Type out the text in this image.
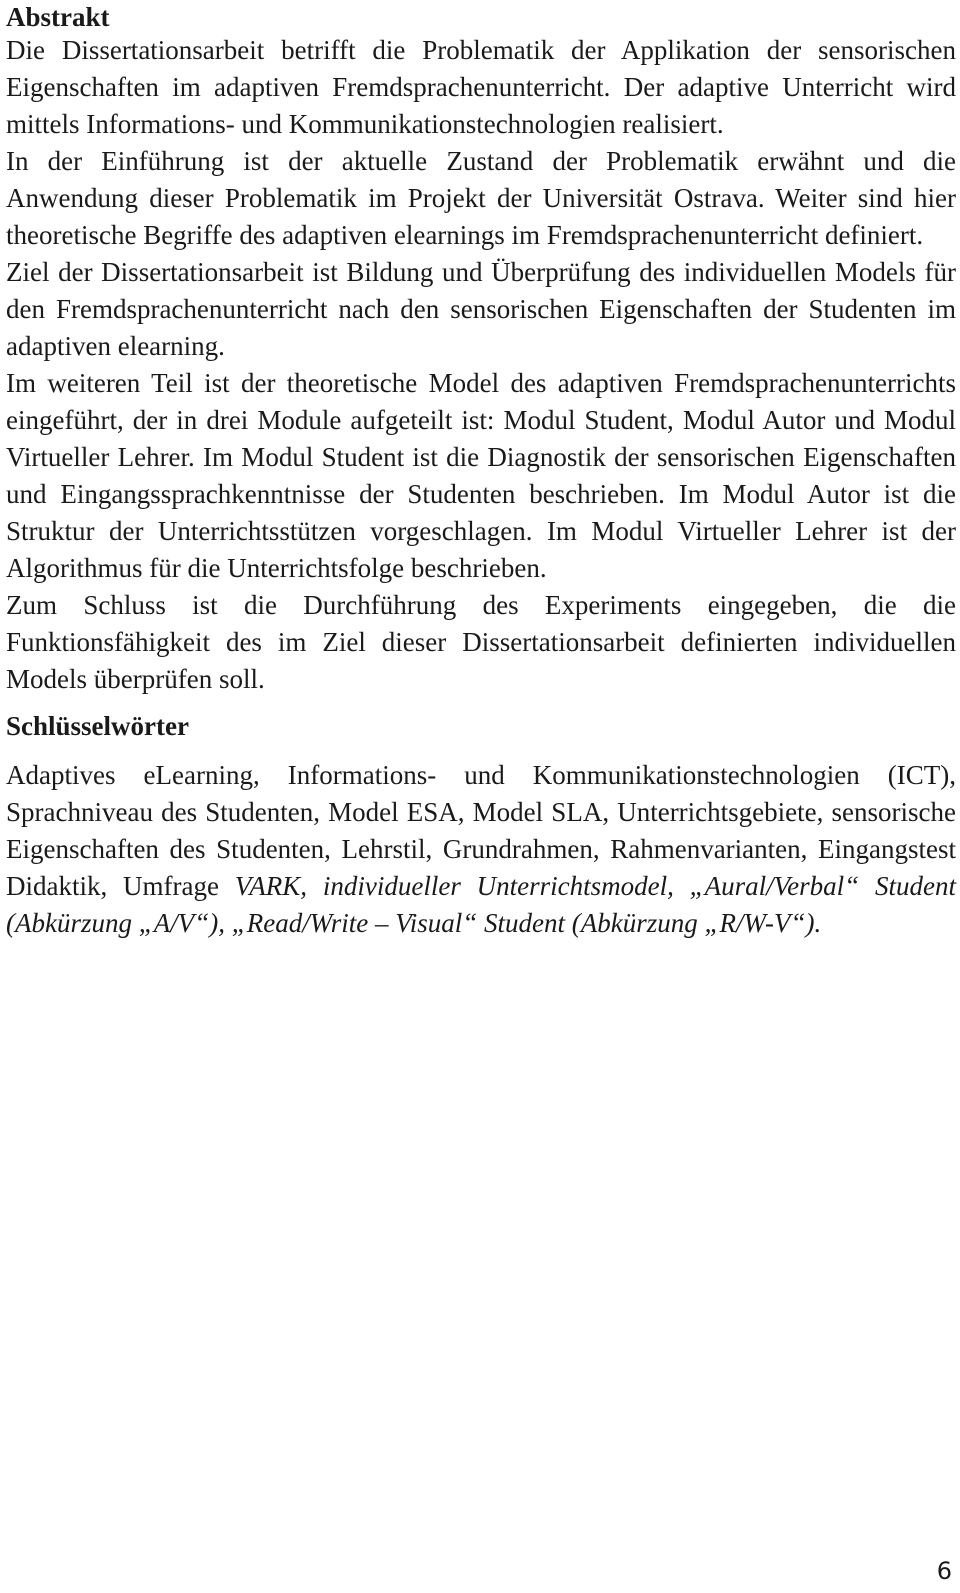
Abstrakt

Die Dissertationsarbeit betrifft die Problematik der Applikation der sensorischen Eigenschaften im adaptiven Fremdsprachenunterricht. Der adaptive Unterricht wird mittels Informations- und Kommunikationstechnologien realisiert.

In der Einführung ist der aktuelle Zustand der Problematik erwähnt und die Anwendung dieser Problematik im Projekt der Universität Ostrava. Weiter sind hier theoretische Begriffe des adaptiven elearnings im Fremdsprachenunterricht definiert.

Ziel der Dissertationsarbeit ist Bildung und Überprüfung des individuellen Models für den Fremdsprachenunterricht nach den sensorischen Eigenschaften der Studenten im adaptiven elearning.

Im weiteren Teil ist der theoretische Model des adaptiven Fremdsprachenunterrichts eingeführt, der in drei Module aufgeteilt ist: Modul Student, Modul Autor und Modul Virtueller Lehrer. Im Modul Student ist die Diagnostik der sensorischen Eigenschaften und Eingangssprachkenntnisse der Studenten beschrieben. Im Modul Autor ist die Struktur der Unterrichtsstützen vorgeschlagen. Im Modul Virtueller Lehrer ist der Algorithmus für die Unterrichtsfolge beschrieben.

Zum Schluss ist die Durchführung des Experiments eingegeben, die die Funktionsfähigkeit des im Ziel dieser Dissertationsarbeit definierten individuellen Models überprüfen soll.

Schlüsselwörter

Adaptives eLearning, Informations- und Kommunikationstechnologien (ICT), Sprachniveau des Studenten, Model ESA, Model SLA, Unterrichtsgebiete, sensorische Eigenschaften des Studenten, Lehrstil, Grundrahmen, Rahmenvarianten, Eingangstest Didaktik, Umfrage VARK, individueller Unterrichtsmodel, „Aural/Verbal“ Student (Abkürzung „A/V“), „Read/Write – Visual“ Student (Abkürzung „R/W-V“).

6
